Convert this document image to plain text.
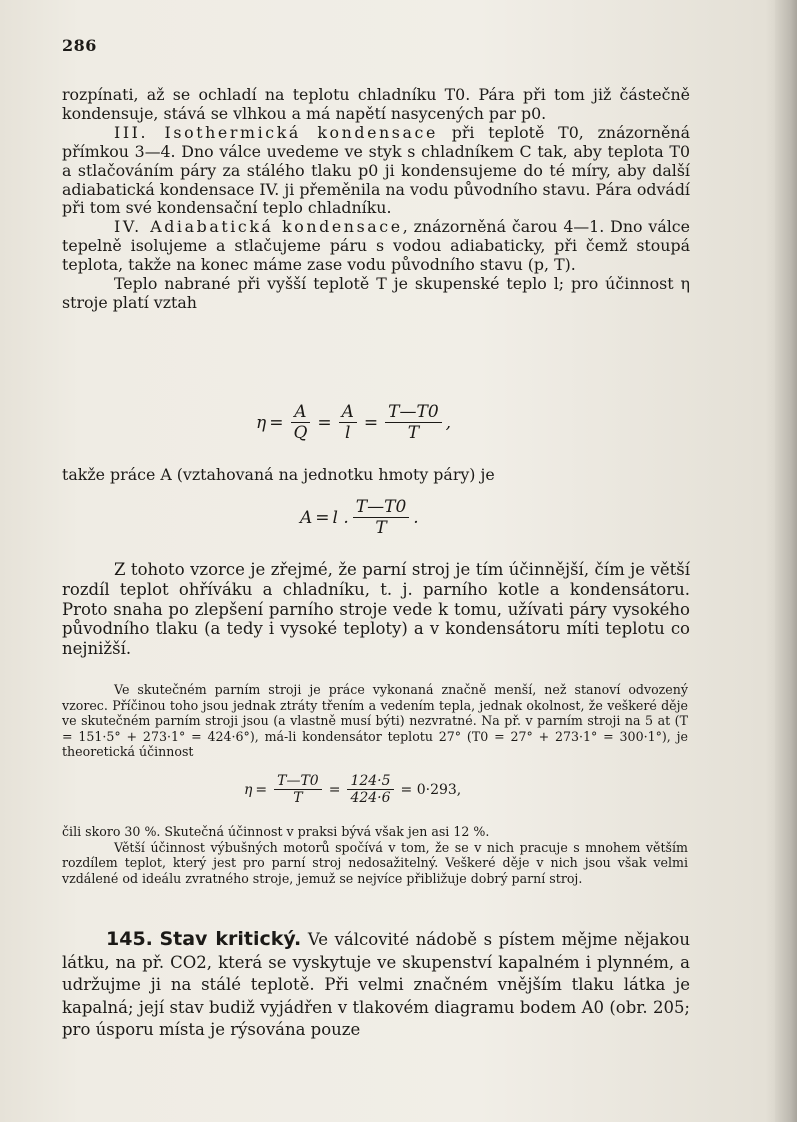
286

rozpínati, až se ochladí na teplotu chladníku T0. Pára při tom již částečně kondensuje, stává se vlhkou a má napětí nasycených par p0.

III. Isothermická kondensace při teplotě T0, znázorněná přímkou 3—4. Dno válce uvedeme ve styk s chladníkem C tak, aby teplota T0 a stlačováním páry za stálého tlaku p0 ji kondensujeme do té míry, aby další adiabatická kondensace IV. ji přeměnila na vodu původního stavu. Pára odvádí při tom své kondensační teplo chladníku.

IV. Adiabatická kondensace, znázorněná čarou 4—1. Dno válce tepelně isolujeme a stlačujeme páru s vodou adiabaticky, při čemž stoupá teplota, takže na konec máme zase vodu původního stavu (p, T).

Teplo nabrané při vyšší teplotě T je skupenské teplo l; pro účinnost η stroje platí vztah

$\eta = \frac{A}{Q} = \frac{A}{l} = \frac{T—T0}{T}$ ,

takže práce A (vztahovaná na jednotku hmoty páry) je

A = l . $\frac{T—T0}{T}$ .

Z tohoto vzorce je zřejmé, že parní stroj je tím účinnější, čím je větší rozdíl teplot ohříváku a chladníku, t. j. parního kotle a kondensátoru. Proto snaha po zlepšení parního stroje vede k tomu, užívati páry vysokého původního tlaku (a tedy i vysoké teploty) a v kondensátoru míti teplotu co nejnižší.

Ve skutečném parním stroji je práce vykonaná značně menší, než stanoví odvozený vzorec. Příčinou toho jsou jednak ztráty třením a vedením tepla, jednak okolnost, že veškeré děje ve skutečném parním stroji jsou (a vlastně musí býti) nezvratné. Na př. v parním stroji na 5 at (T = 151·5° + 273·1° = 424·6°), má-li kondensátor teplotu 27° (T0 = 27° + 273·1° = 300·1°), je theoretická účinnost

$\eta = \frac{T—T0}{T} = \frac{124\cdot 5}{424\cdot 6} = 0\cdot 293$,

čili skoro 30 %. Skutečná účinnost v praksi bývá však jen asi 12 %.

Větší účinnost výbušných motorů spočívá v tom, že se v nich pracuje s mnohem větším rozdílem teplot, který jest pro parní stroj nedosažitelný. Veškeré děje v nich jsou však velmi vzdálené od ideálu zvratného stroje, jemuž se nejvíce přibližuje dobrý parní stroj.

145. Stav kritický. Ve válcovité nádobě s pístem mějme nějakou látku, na př. CO2, která se vyskytuje ve skupenství kapalném i plynném, a udržujme ji na stálé teplotě. Při velmi značném vnějším tlaku látka je kapalná; její stav budiž vyjádřen v tlakovém diagramu bodem A0 (obr. 205; pro úsporu místa je rýsována pouze
